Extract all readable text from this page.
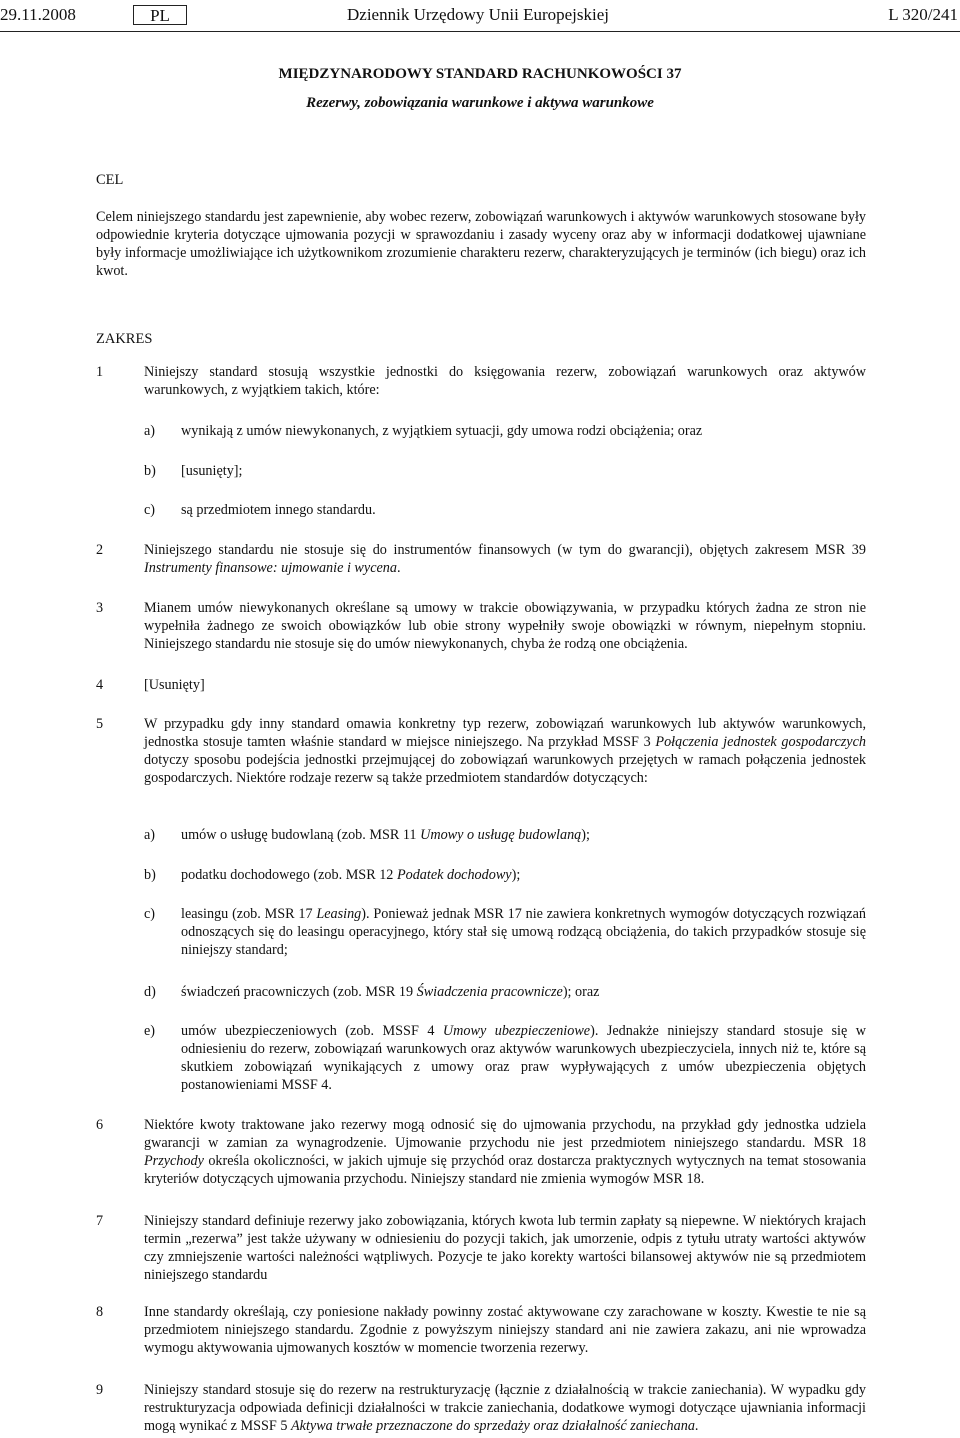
29.11.2008	PL	Dziennik Urzędowy Unii Europejskiej	L 320/241
MIĘDZYNARODOWY STANDARD RACHUNKOWOŚCI 37
Rezerwy, zobowiązania warunkowe i aktywa warunkowe
CEL
Celem niniejszego standardu jest zapewnienie, aby wobec rezerw, zobowiązań warunkowych i aktywów warunkowych stosowane były odpowiednie kryteria dotyczące ujmowania pozycji w sprawozdaniu i zasady wyceny oraz aby w informacji dodatkowej ujawniane były informacje umożliwiające ich użytkownikom zrozumienie charakteru rezerw, charakteryzujących je terminów (ich biegu) oraz ich kwot.
ZAKRES
1	Niniejszy standard stosują wszystkie jednostki do księgowania rezerw, zobowiązań warunkowych oraz aktywów warunkowych, z wyjątkiem takich, które:
a)	wynikają z umów niewykonanych, z wyjątkiem sytuacji, gdy umowa rodzi obciążenia; oraz
b)	[usunięty];
c)	są przedmiotem innego standardu.
2	Niniejszego standardu nie stosuje się do instrumentów finansowych (w tym do gwarancji), objętych zakresem MSR 39 Instrumenty finansowe: ujmowanie i wycena.
3	Mianem umów niewykonanych określane są umowy w trakcie obowiązywania, w przypadku których żadna ze stron nie wypełniła żadnego ze swoich obowiązków lub obie strony wypełniły swoje obowiązki w równym, niepełnym stopniu. Niniejszego standardu nie stosuje się do umów niewykonanych, chyba że rodzą one obciążenia.
4	[Usunięty]
5	W przypadku gdy inny standard omawia konkretny typ rezerw, zobowiązań warunkowych lub aktywów warunkowych, jednostka stosuje tamten właśnie standard w miejsce niniejszego. Na przykład MSSF 3 Połączenia jednostek gospodarczych dotyczy sposobu podejścia jednostki przejmującej do zobowiązań warunkowych przejętych w ramach połączenia jednostek gospodarczych. Niektóre rodzaje rezerw są także przedmiotem standardów dotyczących:
a)	umów o usługę budowlaną (zob. MSR 11 Umowy o usługę budowlaną);
b)	podatku dochodowego (zob. MSR 12 Podatek dochodowy);
c)	leasingu (zob. MSR 17 Leasing). Ponieważ jednak MSR 17 nie zawiera konkretnych wymogów dotyczących rozwiązań odnoszących się do leasingu operacyjnego, który stał się umową rodzącą obciążenia, do takich przypadków stosuje się niniejszy standard;
d)	świadczeń pracowniczych (zob. MSR 19 Świadczenia pracownicze); oraz
e)	umów ubezpieczeniowych (zob. MSSF 4 Umowy ubezpieczeniowe). Jednakże niniejszy standard stosuje się w odniesieniu do rezerw, zobowiązań warunkowych oraz aktywów warunkowych ubezpieczyciela, innych niż te, które są skutkiem zobowiązań wynikających z umowy oraz praw wypływających z umów ubezpieczenia objętych postanowieniami MSSF 4.
6	Niektóre kwoty traktowane jako rezerwy mogą odnosić się do ujmowania przychodu, na przykład gdy jednostka udziela gwarancji w zamian za wynagrodzenie. Ujmowanie przychodu nie jest przedmiotem niniejszego standardu. MSR 18 Przychody określa okoliczności, w jakich ujmuje się przychód oraz dostarcza praktycznych wytycznych na temat stosowania kryteriów dotyczących ujmowania przychodu. Niniejszy standard nie zmienia wymogów MSR 18.
7	Niniejszy standard definiuje rezerwy jako zobowiązania, których kwota lub termin zapłaty są niepewne. W niektórych krajach termin „rezerwa” jest także używany w odniesieniu do pozycji takich, jak umorzenie, odpis z tytułu utraty wartości aktywów czy zmniejszenie wartości należności wątpliwych. Pozycje te jako korekty wartości bilansowej aktywów nie są przedmiotem niniejszego standardu
8	Inne standardy określają, czy poniesione nakłady powinny zostać aktywowane czy zarachowane w koszty. Kwestie te nie są przedmiotem niniejszego standardu. Zgodnie z powyższym niniejszy standard ani nie zawiera zakazu, ani nie wprowadza wymogu aktywowania ujmowanych kosztów w momencie tworzenia rezerwy.
9	Niniejszy standard stosuje się do rezerw na restrukturyzację (łącznie z działalnością w trakcie zaniechania). W wypadku gdy restrukturyzacja odpowiada definicji działalności w trakcie zaniechania, dodatkowe wymogi dotyczące ujawniania informacji mogą wynikać z MSSF 5 Aktywa trwałe przeznaczone do sprzedaży oraz działalność zaniechana.
